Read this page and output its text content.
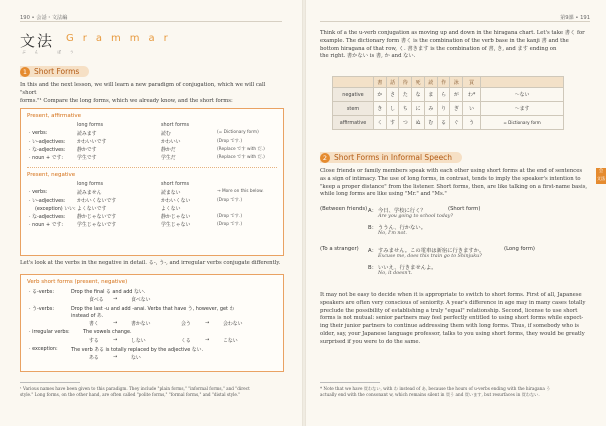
190 • 会話・文法編
文法
ぶん ぽう
Grammar
1 Short Forms
In this and the next lesson, we will learn a new paradigm of conjugation, which we will call "short
forms."¹ Compare the long forms, which we already know, and the short forms:
Present, affirmative
long forms	short forms
· verbs:	読みます	読む	(= Dictionary form)
· い-adjectives: かわいいです	かわいい	(Drop です.)
· な-adjectives: 静かです	静かだ	(Replace です with だ.)
· noun + です:	学生です	学生だ	(Replace です with だ.)
Present, negative
long forms	short forms
· verbs:	読みません	読まない	→ More on this below.
· い-adjectives: かわいくないです	かわいくない	(Drop です.)
(exception) いい: よくないです	よくない
· な-adjectives: 静かじゃないです	静かじゃない	(Drop です.)
· noun + です:	学生じゃないです	学生じゃない	(Drop です.)
Let's look at the verbs in the negative in detail. る-, う-, and irregular verbs conjugate differently.
Verb short forms (present, negative)
· る-verbs:	Drop the final る and add ない.
食べる →	食べない
· う-verbs:	Drop the last -u and add -anai. Verbs that have う, however, get わ
instead of あ.
書く	→	書かない	会う	→	会わない
· irregular verbs:	The vowels change.
する	→	しない	くる	→	こない
· exception:	The verb ある is totally replaced by the adjective ない.
ある	→	ない
¹ Various names have been given to this paradigm. They include "plain forms," "informal forms," and "direct
style." Long forms, on the other hand, are often called "polite forms," "formal forms," and "distal style."
第9課 • 191
Think of a the u-verb conjugation as moving up and down in the hiragana chart. Let's take 書く for
example. The dictionary form 書く is the combination of the verb base in the kanji 書 and the
bottom hiragana of that row, く. 書きます is the combination of 書, き, and ます ending on
the right. 書かない is 書, か and ない.
	書	話	待	死	読	作	泳	買	
negative	か	さ	た	な	ま	ら	が	わ*	〜ない
stem	き	し	ち	に	み	り	ぎ	い	〜ます
affirmative	く	す	つ	ぬ	む	る	ぐ	う	= Dictionary form
2 Short Forms in Informal Speech
Close friends or family members speak with each other using short forms at the end of sentences
as a sign of intimacy. The use of long forms, in contrast, tends to imply the speaker's intention to
"keep a proper distance" from the listener. Short forms, then, are like talking on a first-name basis,
while long forms are like using "Mr." and "Ms."
(Between friends) A： 今日、学校に行く？	(Short form)
Are you going to school today?
B： ううん、行かない。
No, I'm not.
(To a stranger) A： すみません。この電車は新宿に行きますか。	(Long form)
Excuse me, does this train go to Shinjuku?
B： いいえ、行きませんよ。
No, it doesn't.
It may not be easy to decide when it is appropriate to switch to short forms. First of all, Japanese
speakers are often very conscious of seniority. A year's difference in age may in many cases totally
preclude the possibility of establishing a truly "equal" relationship. Second, license to use short
forms is not mutual: senior partners may feel perfectly entitled to using short forms while expect-
ing their junior partners to continue addressing them with long forms. Thus, if somebody who is
older, say, your Japanese language professor, talks to you using short forms, they would be greatly
surprised if you were to do the same.
* Note that we have 買わない, with わ instead of あ, because the hours of u-verbs ending with the hiragana う
actually end with the consonant w, which remains silent in 買う and 買います, but resurfaces in 買わない.
会
文法
